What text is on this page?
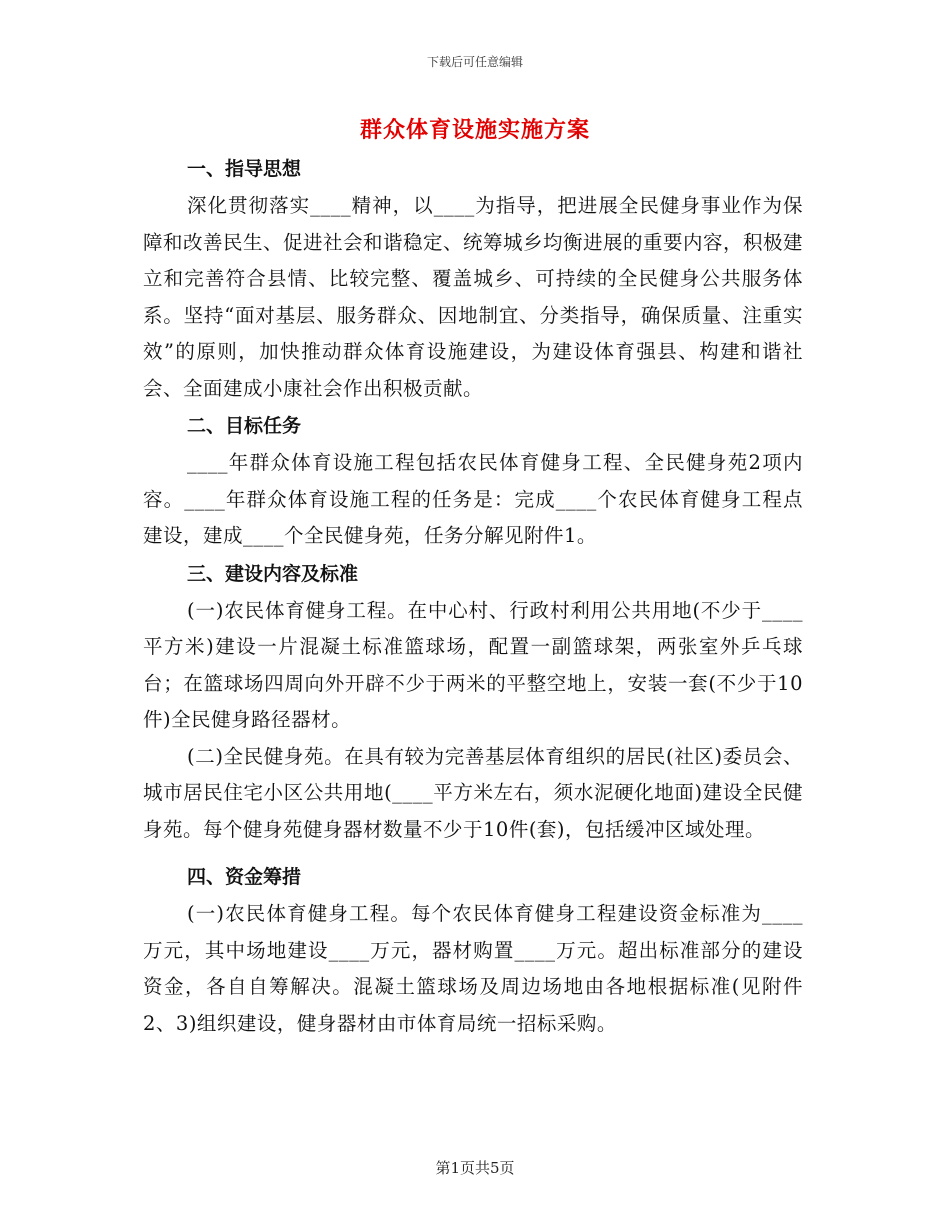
下载后可任意编辑
群众体育设施实施方案
一、指导思想

深化贯彻落实____精神，以____为指导，把进展全民健身事业作为保障和改善民生、促进社会和谐稳定、统筹城乡均衡进展的重要内容，积极建立和完善符合县情、比较完整、覆盖城乡、可持续的全民健身公共服务体系。坚持“面对基层、服务群众、因地制宜、分类指导，确保质量、注重实效”的原则，加快推动群众体育设施建设，为建设体育强县、构建和谐社会、全面建成小康社会作出积极贡献。

二、目标任务

____年群众体育设施工程包括农民体育健身工程、全民健身苑2项内容。____年群众体育设施工程的任务是：完成____个农民体育健身工程点建设，建成____个全民健身苑，任务分解见附件1。

三、建设内容及标准

(一)农民体育健身工程。在中心村、行政村利用公共用地(不少于____平方米)建设一片混凝土标准篮球场，配置一副篮球架，两张室外乒乓球台；在篮球场四周向外开辟不少于两米的平整空地上，安装一套(不少于10件)全民健身路径器材。

(二)全民健身苑。在具有较为完善基层体育组织的居民(社区)委员会、城市居民住宅小区公共用地(____平方米左右，须水泥硬化地面)建设全民健身苑。每个健身苑健身器材数量不少于10件(套)，包括缓冲区域处理。

四、资金筹措

(一)农民体育健身工程。每个农民体育健身工程建设资金标准为____万元，其中场地建设____万元，器材购置____万元。超出标准部分的建设资金，各自自筹解决。混凝土篮球场及周边场地由各地根据标准(见附件2、3)组织建设，健身器材由市体育局统一招标采购。

第1页共5页
